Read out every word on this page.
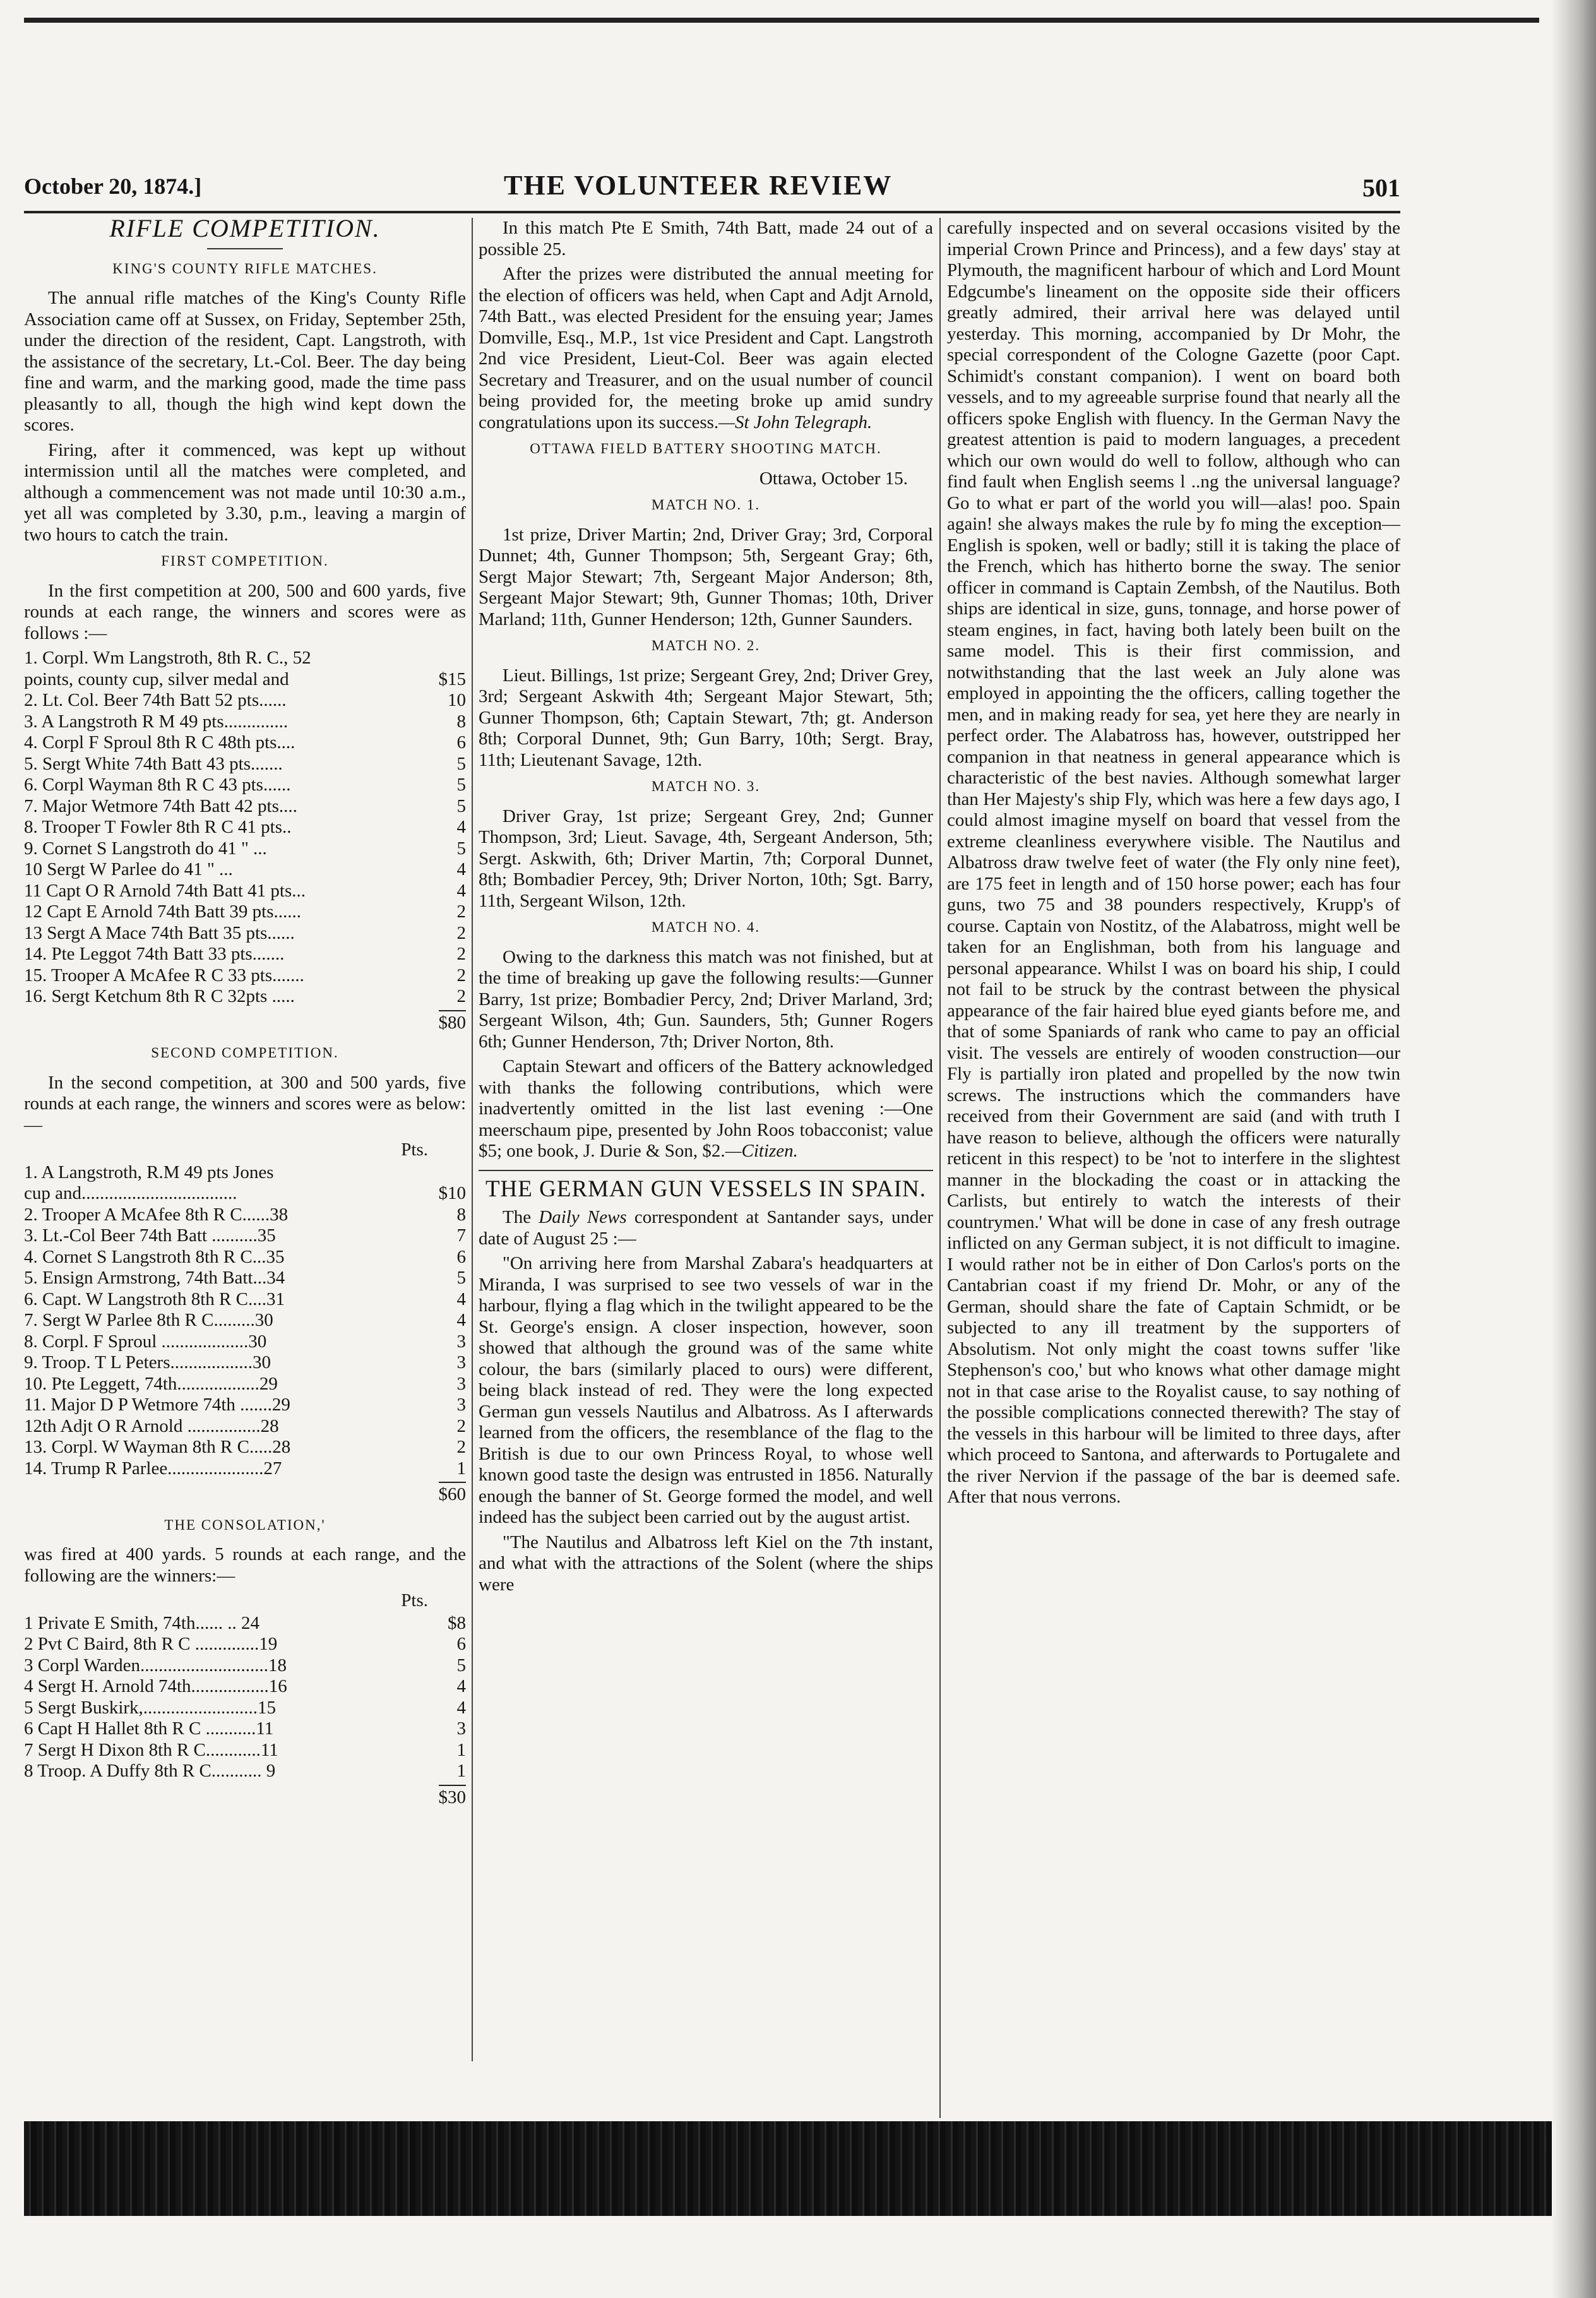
October 20, 1874.]	THE VOLUNTEER REVIEW	501
RIFLE COMPETITION.
KING'S COUNTY RIFLE MATCHES.

The annual rifle matches of the King's County Rifle Association came off at Sussex, on Friday, September 25th, under the direction of the resident, Capt. Langstroth, with the assistance of the secretary, Lt.-Col. Beer. The day being fine and warm, and the marking good, made the time pass pleasantly to all, though the high wind kept down the scores.

Firing, after it commenced, was kept up without intermission until all the matches were completed, and although a commencement was not made until 10:30 a.m., yet all was completed by 3.30, p.m., leaving a margin of two hours to catch the train.

FIRST COMPETITION.

In the first competition at 200, 500 and 600 yards, five rounds at each range, the winners and scores were as follows :—

1. Corpl. Wm Langstroth, 8th R. C., 52
points, county cup, silver medal and	$15
2. Lt. Col. Beer 74th Batt 52 pts......	10
3. A Langstroth R M 49 pts..............	8
4. Corpl F Sproul 8th R C 48th pts....	6
5. Sergt White 74th Batt 43 pts.......	5
6. Corpl Wayman 8th R C 43 pts......	5
7. Major Wetmore 74th Batt 42 pts....	5
8. Trooper T Fowler 8th R C 41 pts..	4
9. Cornet S Langstroth do 41 " ...	5
10 Sergt W Parlee do 41 " ...	4
11 Capt O R Arnold 74th Batt 41 pts...	4
12 Capt E Arnold 74th Batt 39 pts......	2
13 Sergt A Mace 74th Batt 35 pts......	2
14. Pte Leggot 74th Batt 33 pts.......	2
15. Trooper A McAfee R C 33 pts.......	2
16. Sergt Ketchum 8th R C 32pts .....	2
$80
SECOND COMPETITION.

In the second competition, at 300 and 500 yards, five rounds at each range, the winners and scores were as below:—

Pts.
1. A Langstroth, R.M 49 pts Jones
cup and..................................	$10
2. Trooper A McAfee 8th R C......38	8
3. Lt.-Col Beer 74th Batt ..........35	7
4. Cornet S Langstroth 8th R C...35	6
5. Ensign Armstrong, 74th Batt...34	5
6. Capt. W Langstroth 8th R C....31	4
7. Sergt W Parlee 8th R C.........30	4
8. Corpl. F Sproul ...................30	3
9. Troop. T L Peters..................30	3
10. Pte Leggett, 74th..................29	3
11. Major D P Wetmore 74th .......29	3
12th Adjt O R Arnold ................28	2
13. Corpl. W Wayman 8th R C.....28	2
14. Trump R Parlee.....................27	1
$60
THE CONSOLATION,'

was fired at 400 yards. 5 rounds at each range, and the following are the winners:—

Pts.
1 Private E Smith, 74th...... .. 24	$8
2 Pvt C Baird, 8th R C ..............19	6
3 Corpl Warden............................18	5
4 Sergt H. Arnold 74th.................16	4
5 Sergt Buskirk,.........................15	4
6 Capt H Hallet 8th R C ...........11	3
7 Sergt H Dixon 8th R C............11	1
8 Troop. A Duffy 8th R C........... 9	1
$30

In this match Pte E Smith, 74th Batt, made 24 out of a possible 25.

After the prizes were distributed the annual meeting for the election of officers was held, when Capt and Adjt Arnold, 74th Batt., was elected President for the ensuing year; James Domville, Esq., M.P., 1st vice President and Capt. Langstroth 2nd vice President, Lieut-Col. Beer was again elected Secretary and Treasurer, and on the usual number of council being provided for, the meeting broke up amid sundry congratulations upon its success.—St John Telegraph.

OTTAWA FIELD BATTERY SHOOTING MATCH.
Ottawa, October 15.
MATCH NO. 1.

1st prize, Driver Martin; 2nd, Driver Gray; 3rd, Corporal Dunnet; 4th, Gunner Thompson; 5th, Sergeant Gray; 6th, Sergt Major Stewart; 7th, Sergeant Major Anderson; 8th, Sergeant Major Stewart; 9th, Gunner Thomas; 10th, Driver Marland; 11th, Gunner Henderson; 12th, Gunner Saunders.

MATCH NO. 2.

Lieut. Billings, 1st prize; Sergeant Grey, 2nd; Driver Grey, 3rd; Sergeant Askwith 4th; Sergeant Major Stewart, 5th; Gunner Thompson, 6th; Captain Stewart, 7th; gt. Anderson 8th; Corporal Dunnet, 9th; Gun Barry, 10th; Sergt. Bray, 11th; Lieutenant Savage, 12th.

MATCH NO. 3.

Driver Gray, 1st prize; Sergeant Grey, 2nd; Gunner Thompson, 3rd; Lieut. Savage, 4th, Sergeant Anderson, 5th; Sergt. Askwith, 6th; Driver Martin, 7th; Corporal Dunnet, 8th; Bombadier Percey, 9th; Driver Norton, 10th; Sgt. Barry, 11th, Sergeant Wilson, 12th.

MATCH NO. 4.

Owing to the darkness this match was not finished, but at the time of breaking up gave the following results:—Gunner Barry, 1st prize; Bombadier Percy, 2nd; Driver Marland, 3rd; Sergeant Wilson, 4th; Gun. Saunders, 5th; Gunner Rogers 6th; Gunner Henderson, 7th; Driver Norton, 8th.

Captain Stewart and officers of the Battery acknowledged with thanks the following contributions, which were inadvertently omitted in the list last evening :—One meerschaum pipe, presented by John Roos tobacconist; value $5; one book, J. Durie & Son, $2.—Citizen.

THE GERMAN GUN VESSELS IN SPAIN.

The Daily News correspondent at Santander says, under date of August 25 :—

"On arriving here from Marshal Zabara's headquarters at Miranda, I was surprised to see two vessels of war in the harbour, flying a flag which in the twilight appeared to be the St. George's ensign. A closer inspection, however, soon showed that although the ground was of the same white colour, the bars (similarly placed to ours) were different, being black instead of red. They were the long expected German gun vessels Nautilus and Albatross. As I afterwards learned from the officers, the resemblance of the flag to the British is due to our own Princess Royal, to whose well known good taste the design was entrusted in 1856. Naturally enough the banner of St. George formed the model, and well indeed has the subject been carried out by the august artist.

"The Nautilus and Albatross left Kiel on the 7th instant, and what with the attractions of the Solent (where the ships were

carefully inspected and on several occasions visited by the imperial Crown Prince and Princess), and a few days' stay at Plymouth, the magnificent harbour of which and Lord Mount Edgcumbe's lineament on the opposite side their officers greatly admired, their arrival here was delayed until yesterday. This morning, accompanied by Dr Mohr, the special correspondent of the Cologne Gazette (poor Capt. Schimidt's constant companion). I went on board both vessels, and to my agreeable surprise found that nearly all the officers spoke English with fluency. In the German Navy the greatest attention is paid to modern languages, a precedent which our own would do well to follow, although who can find fault when English seems l ..ng the universal language? Go to what er part of the world you will—alas! poo. Spain again! she always makes the rule by fo ming the exception—English is spoken, well or badly; still it is taking the place of the French, which has hitherto borne the sway. The senior officer in command is Captain Zembsh, of the Nautilus. Both ships are identical in size, guns, tonnage, and horse power of steam engines, in fact, having both lately been built on the same model. This is their first commission, and notwithstanding that the last week an July alone was employed in appointing the the officers, calling together the men, and in making ready for sea, yet here they are nearly in perfect order. The Alabatross has, however, outstripped her companion in that neatness in general appearance which is characteristic of the best navies. Although somewhat larger than Her Majesty's ship Fly, which was here a few days ago, I could almost imagine myself on board that vessel from the extreme cleanliness everywhere visible. The Nautilus and Albatross draw twelve feet of water (the Fly only nine feet), are 175 feet in length and of 150 horse power; each has four guns, two 75 and 38 pounders respectively, Krupp's of course. Captain von Nostitz, of the Alabatross, might well be taken for an Englishman, both from his language and personal appearance. Whilst I was on board his ship, I could not fail to be struck by the contrast between the physical appearance of the fair haired blue eyed giants before me, and that of some Spaniards of rank who came to pay an official visit. The vessels are entirely of wooden construction—our Fly is partially iron plated and propelled by the now twin screws. The instructions which the commanders have received from their Government are said (and with truth I have reason to believe, although the officers were naturally reticent in this respect) to be 'not to interfere in the slightest manner in the blockading the coast or in attacking the Carlists, but entirely to watch the interests of their countrymen.' What will be done in case of any fresh outrage inflicted on any German subject, it is not difficult to imagine. I would rather not be in either of Don Carlos's ports on the Cantabrian coast if my friend Dr. Mohr, or any of the German, should share the fate of Captain Schmidt, or be subjected to any ill treatment by the supporters of Absolutism. Not only might the coast towns suffer 'like Stephenson's coo,' but who knows what other damage might not in that case arise to the Royalist cause, to say nothing of the possible complications connected therewith? The stay of the vessels in this harbour will be limited to three days, after which proceed to Santona, and afterwards to Portugalete and the river Nervion if the passage of the bar is deemed safe. After that nous verrons.
